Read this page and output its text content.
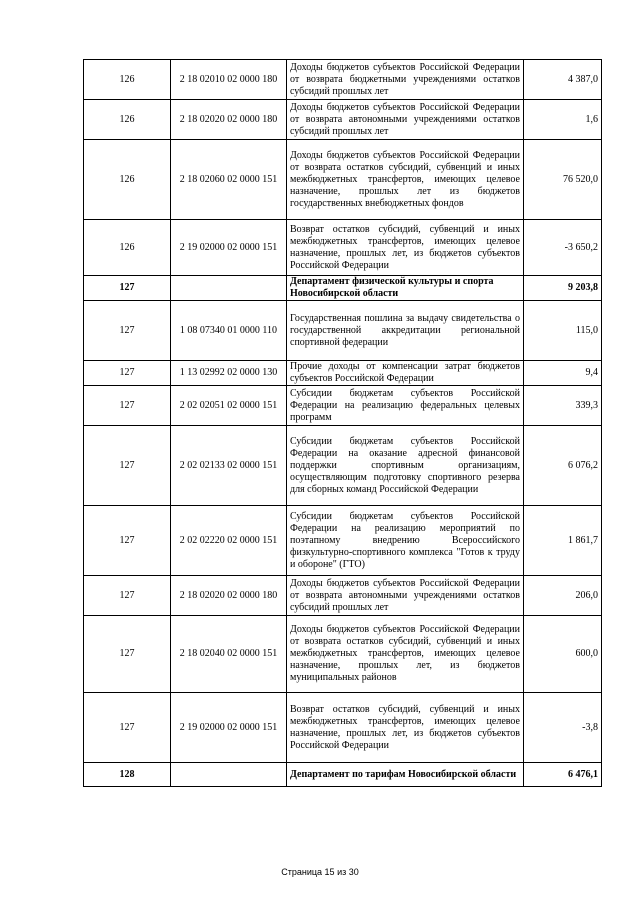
126	2 18 02010 02 0000 180	Доходы бюджетов субъектов Российской Федерации от возврата бюджетными учреждениями остатков субсидий прошлых лет	4 387,0
126	2 18 02020 02 0000 180	Доходы бюджетов субъектов Российской Федерации от возврата автономными учреждениями остатков субсидий прошлых лет	1,6
126	2 18 02060 02 0000 151	Доходы бюджетов субъектов Российской Федерации от возврата остатков субсидий, субвенций и иных межбюджетных трансфертов, имеющих целевое назначение, прошлых лет из бюджетов государственных внебюджетных фондов	76 520,0
126	2 19 02000 02 0000 151	Возврат остатков субсидий, субвенций и иных межбюджетных трансфертов, имеющих целевое назначение, прошлых лет, из бюджетов субъектов Российской Федерации	-3 650,2
127		Департамент физической культуры и спорта Новосибирской области	9 203,8
127	1 08 07340 01 0000 110	Государственная пошлина за выдачу свидетельства о государственной аккредитации региональной спортивной федерации	115,0
127	1 13 02992 02 0000 130	Прочие доходы от компенсации затрат бюджетов субъектов Российской Федерации	9,4
127	2 02 02051 02 0000 151	Субсидии бюджетам субъектов Российской Федерации на реализацию федеральных целевых программ	339,3
127	2 02 02133 02 0000 151	Субсидии бюджетам субъектов Российской Федерации на оказание адресной финансовой поддержки спортивным организациям, осуществляющим подготовку спортивного резерва для сборных команд Российской Федерации	6 076,2
127	2 02 02220 02 0000 151	Субсидии бюджетам субъектов Российской Федерации на реализацию мероприятий по поэтапному внедрению Всероссийского физкультурно-спортивного комплекса "Готов к труду и обороне" (ГТО)	1 861,7
127	2 18 02020 02 0000 180	Доходы бюджетов субъектов Российской Федерации от возврата автономными учреждениями остатков субсидий прошлых лет	206,0
127	2 18 02040 02 0000 151	Доходы бюджетов субъектов Российской Федерации от возврата остатков субсидий, субвенций и иных межбюджетных трансфертов, имеющих целевое назначение, прошлых лет, из бюджетов муниципальных районов	600,0
127	2 19 02000 02 0000 151	Возврат остатков субсидий, субвенций и иных межбюджетных трансфертов, имеющих целевое назначение, прошлых лет, из бюджетов субъектов Российской Федерации	-3,8
128		Департамент по тарифам Новосибирской области	6 476,1
Страница 15 из 30
